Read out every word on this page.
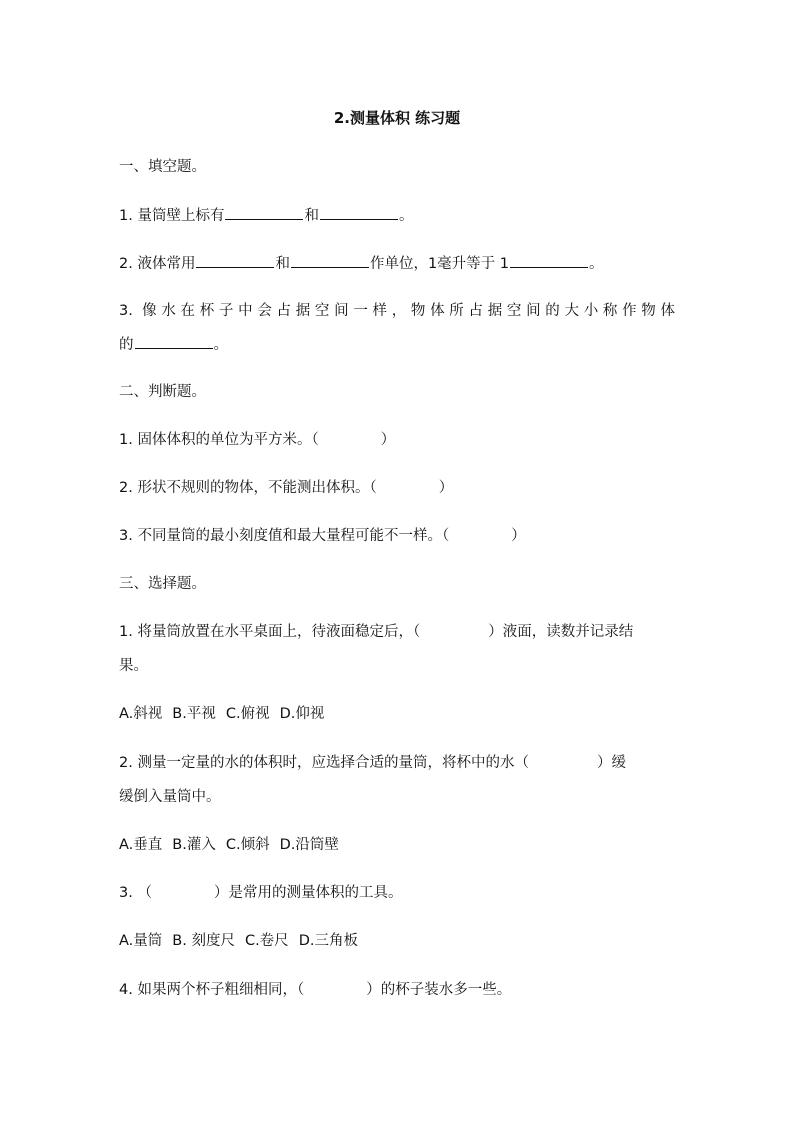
2.测量体积 练习题
一、填空题。
1. 量筒壁上标有	和	。
2. 液体常用	和	作单位，1毫升等于 1	。
3. 像水在杯子中会占据空间一样，物体所占据空间的大小称作物体
的	。
二、判断题。
1. 固体体积的单位为平方米。（	）
2. 形状不规则的物体，不能测出体积。（	）
3. 不同量筒的最小刻度值和最大量程可能不一样。（	）
三、选择题。
1. 将量筒放置在水平桌面上，待液面稳定后，（	）液面，读数并记录结
果。
A.斜视 B.平视 C.俯视 D.仰视
2. 测量一定量的水的体积时，应选择合适的量筒，将杯中的水（	）缓
缓倒入量筒中。
A.垂直 B.灌入 C.倾斜 D.沿筒壁
3. （	）是常用的测量体积的工具。
A.量筒 B. 刻度尺 C.卷尺 D.三角板
4. 如果两个杯子粗细相同，（	）的杯子装水多一些。
